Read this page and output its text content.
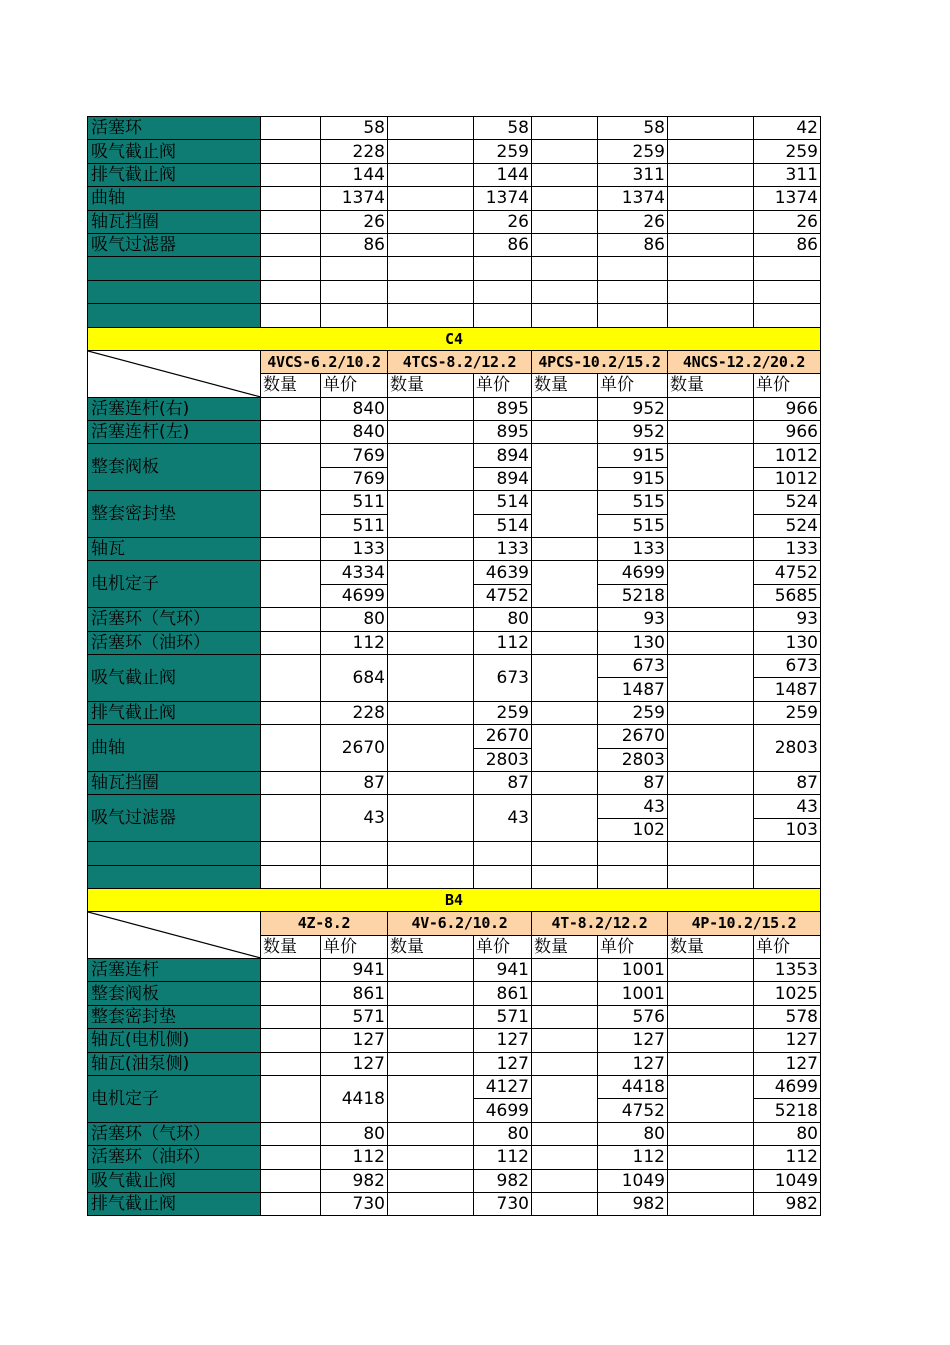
活塞环		58		58		58		42
吸气截止阀		228		259		259		259
排气截止阀		144		144		311		311
曲轴		1374		1374		1374		1374
轴瓦挡圈		26		26		26		26
吸气过滤器		86		86		86		86

C4								

	4VCS-6.2/10.2		4TCS-8.2/12.2		4PCS-10.2/15.2		4NCS-12.2/20.2	
	数量	单价	数量	单价	数量	单价	数量	单价
活塞连杆(右)		840		895		952		966
活塞连杆(左)		840		895		952		966
整套阀板		769		894		915		1012
		769		894		915		1012
整套密封垫		511		514		515		524
		511		514		515		524
轴瓦		133		133		133		133
电机定子		4334		4639		4699		4752
		4699		4752		5218		5685
活塞环（气环）		80		80		93		93
活塞环（油环）		112		112		130		130
吸气截止阀		684		673		673		673
						1487		1487
排气截止阀		228		259		259		259
曲轴		2670		2670		2670		2803
				2803		2803		
轴瓦挡圈		87		87		87		87
吸气过滤器		43		43		43		43
						102		103

B4								

	4Z-8.2		4V-6.2/10.2		4T-8.2/12.2		4P-10.2/15.2	
	数量	单价	数量	单价	数量	单价	数量	单价
活塞连杆		941		941		1001		1353
整套阀板		861		861		1001		1025
整套密封垫		571		571		576		578
轴瓦(电机侧)		127		127		127		127
轴瓦(油泵侧)		127		127		127		127
电机定子		4418		4127		4418		4699
				4699		4752		5218
活塞环（气环）		80		80		80		80
活塞环（油环）		112		112		112		112
吸气截止阀		982		982		1049		1049
排气截止阀		730		730		982		982
